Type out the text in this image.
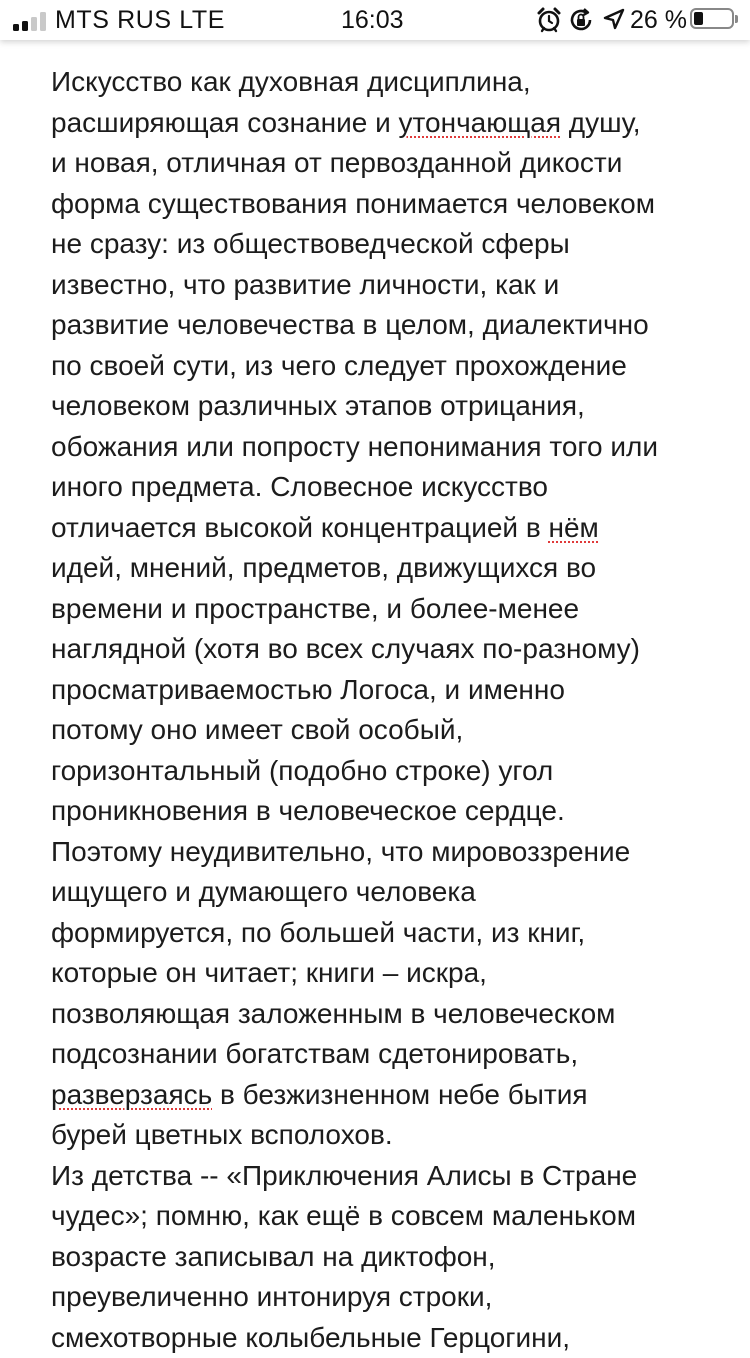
MTS RUS LTE	16:03	26 %
Искусство как духовная дисциплина,
расширяющая сознание и утончающая душу,
и новая, отличная от первозданной дикости
форма существования понимается человеком
не сразу: из обществоведческой сферы
известно, что развитие личности, как и
развитие человечества в целом, диалектично
по своей сути, из чего следует прохождение
человеком различных этапов отрицания,
обожания или попросту непонимания того или
иного предмета. Словесное искусство
отличается высокой концентрацией в нём
идей, мнений, предметов, движущихся во
времени и пространстве, и более-менее
наглядной (хотя во всех случаях по-разному)
просматриваемостью Логоса, и именно
потому оно имеет свой особый,
горизонтальный (подобно строке) угол
проникновения в человеческое сердце.
Поэтому неудивительно, что мировоззрение
ищущего и думающего человека
формируется, по большей части, из книг,
которые он читает; книги – искра,
позволяющая заложенным в человеческом
подсознании богатствам сдетонировать,
разверзаясь в безжизненном небе бытия
бурей цветных всполохов.
Из детства -- «Приключения Алисы в Стране
чудес»; помню, как ещё в совсем маленьком
возрасте записывал на диктофон,
преувеличенно интонируя строки,
смехотворные колыбельные Герцогини,
